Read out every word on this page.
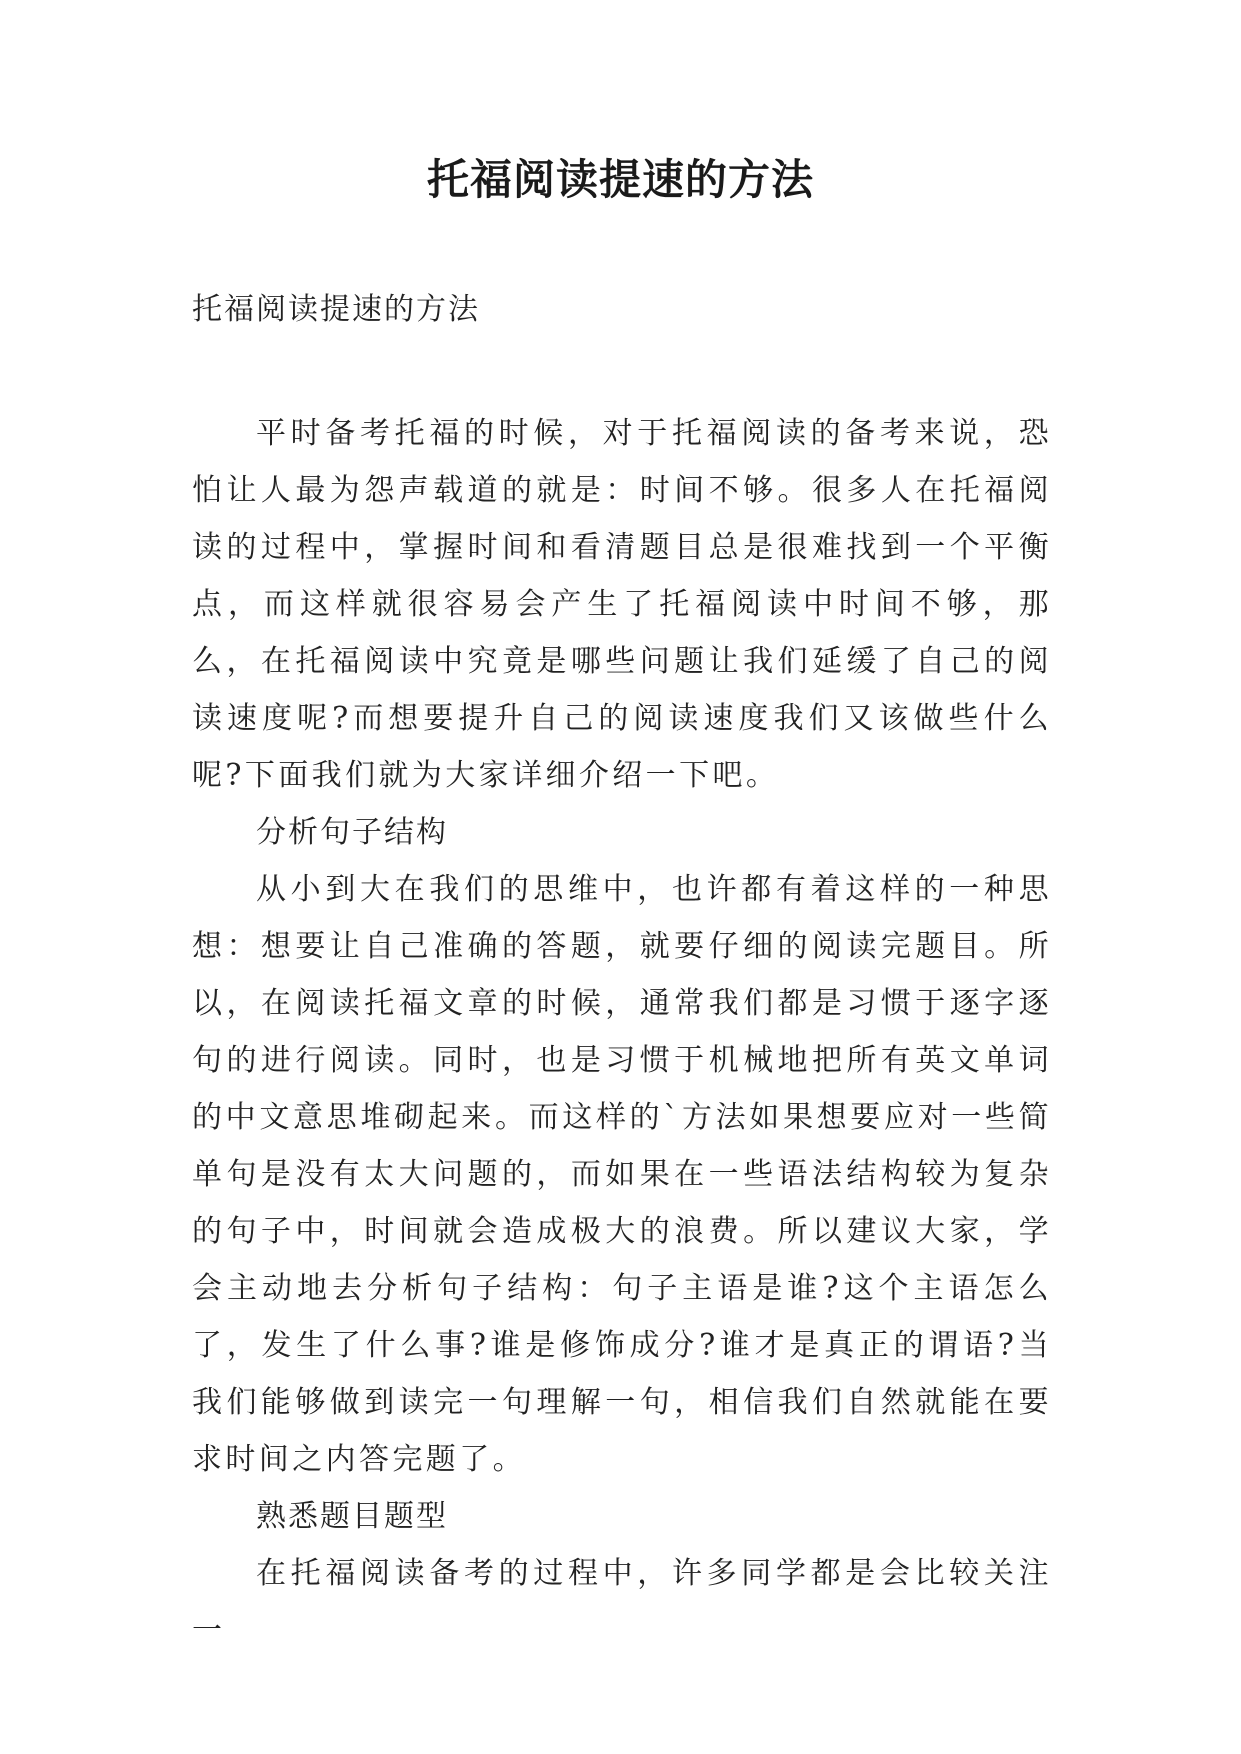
托福阅读提速的方法

托福阅读提速的方法

平时备考托福的时候，对于托福阅读的备考来说，恐怕让人最为怨声载道的就是：时间不够。很多人在托福阅读的过程中，掌握时间和看清题目总是很难找到一个平衡点，而这样就很容易会产生了托福阅读中时间不够，那么，在托福阅读中究竟是哪些问题让我们延缓了自己的阅读速度呢?而想要提升自己的阅读速度我们又该做些什么呢?下面我们就为大家详细介绍一下吧。

分析句子结构

从小到大在我们的思维中，也许都有着这样的一种思想：想要让自己准确的答题，就要仔细的阅读完题目。所以，在阅读托福文章的时候，通常我们都是习惯于逐字逐句的进行阅读。同时，也是习惯于机械地把所有英文单词的中文意思堆砌起来。而这样的`方法如果想要应对一些简单句是没有太大问题的，而如果在一些语法结构较为复杂的句子中，时间就会造成极大的浪费。所以建议大家，学会主动地去分析句子结构：句子主语是谁?这个主语怎么了，发生了什么事?谁是修饰成分?谁才是真正的谓语?当我们能够做到读完一句理解一句，相信我们自然就能在要求时间之内答完题了。

熟悉题目题型

在托福阅读备考的过程中，许多同学都是会比较关注一
